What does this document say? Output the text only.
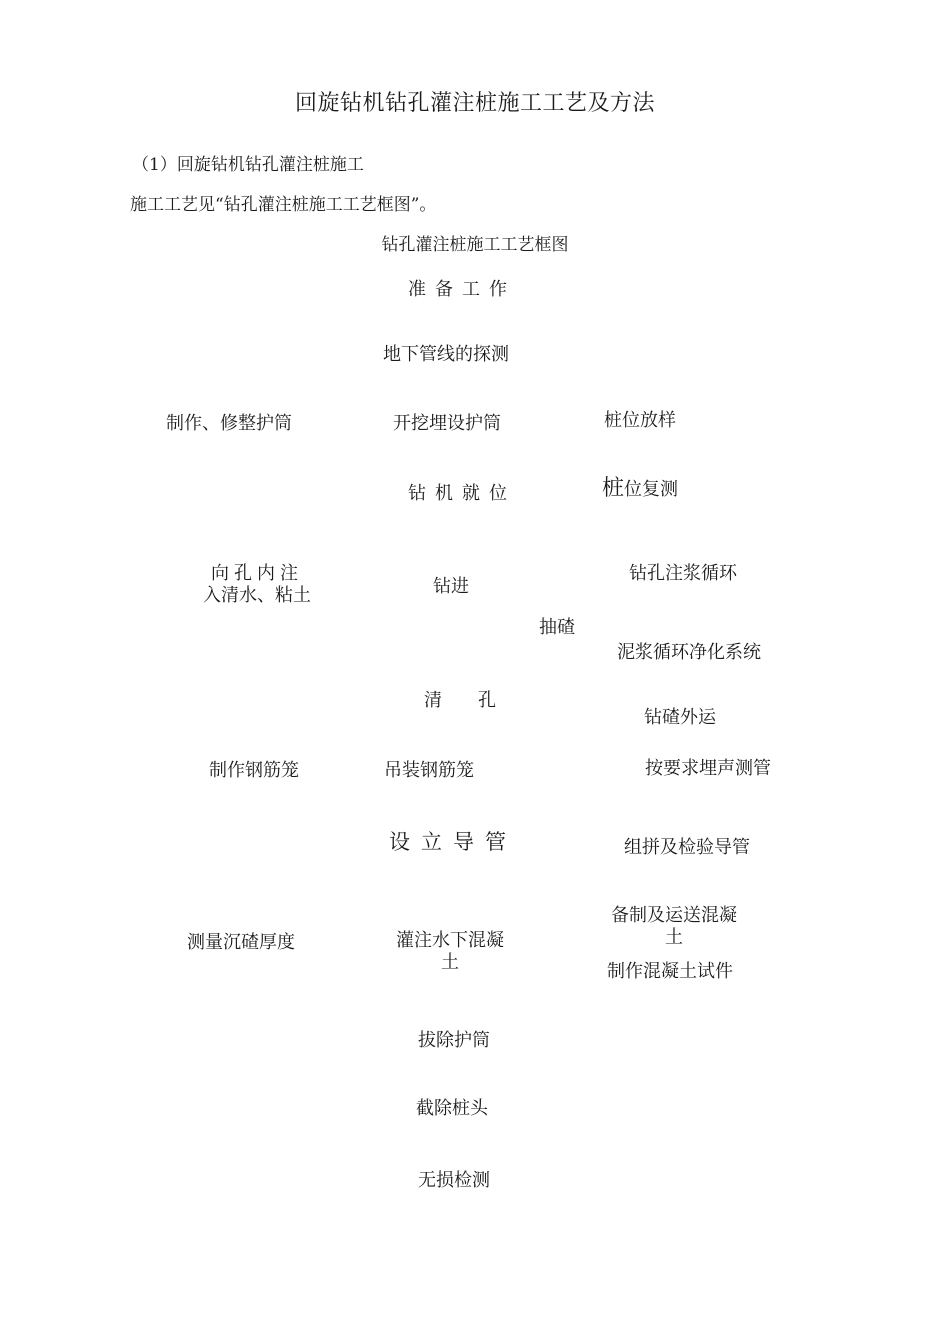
回旋钻机钻孔灌注桩施工工艺及方法
（1）回旋钻机钻孔灌注桩施工
施工工艺见“钻孔灌注桩施工工艺框图”。
钻孔灌注桩施工工艺框图
准备工作
地下管线的探测
制作、修整护筒	开挖埋设护筒	桩位放样
钻机就位	桩位复测
向孔内注
入清水、粘土	钻进
钻孔注浆循环
抽碴
泥浆循环净化系统
清　　孔
钻碴外运
制作钢筋笼	吊装钢筋笼	按要求埋声测管
设立导管	组拼及检验导管
备制及运送混凝
土
测量沉碴厚度	灌注水下混凝
土	制作混凝土试件
拔除护筒
截除桩头
无损检测
